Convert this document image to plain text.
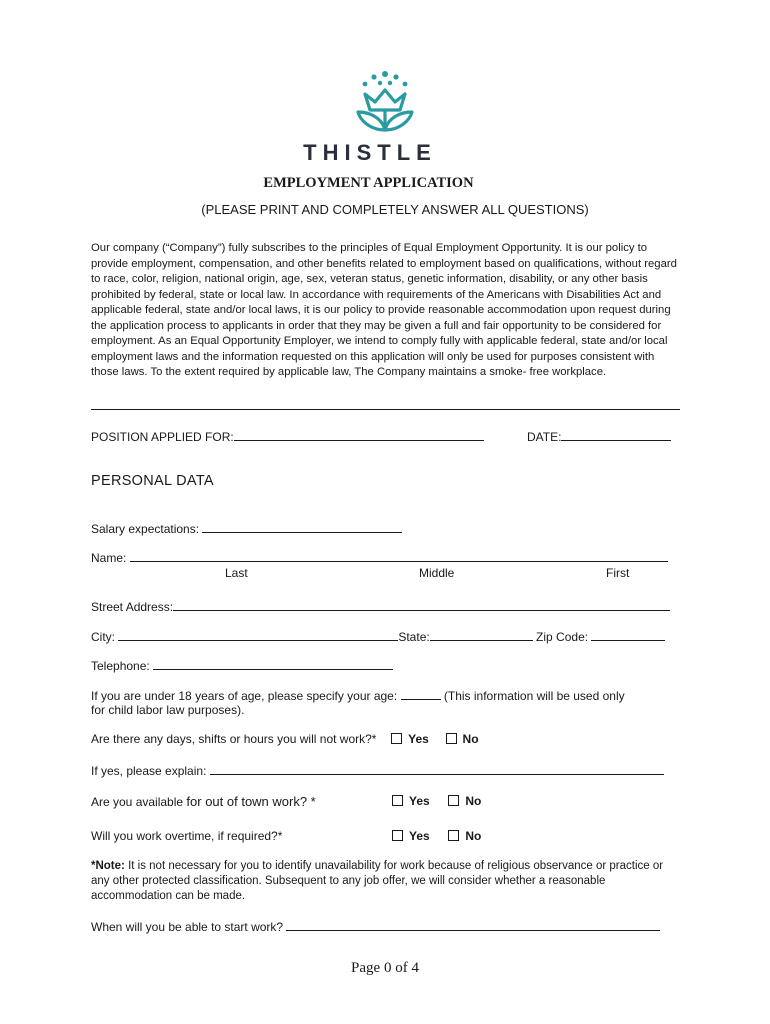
THISTLE
EMPLOYMENT APPLICATION
(PLEASE PRINT AND COMPLETELY ANSWER ALL QUESTIONS)
Our company (“Company”) fully subscribes to the principles of Equal Employment Opportunity. It is our policy to provide employment, compensation, and other benefits related to employment based on qualifications, without regard to race, color, religion, national origin, age, sex, veteran status, genetic information, disability, or any other basis prohibited by federal, state or local law. In accordance with requirements of the Americans with Disabilities Act and applicable federal, state and/or local laws, it is our policy to provide reasonable accommodation upon request during the application process to applicants in order that they may be given a full and fair opportunity to be considered for employment. As an Equal Opportunity Employer, we intend to comply fully with applicable federal, state and/or local employment laws and the information requested on this application will only be used for purposes consistent with those laws. To the extent required by applicable law, The Company maintains a smoke- free workplace.
POSITION APPLIED FOR:	DATE:
PERSONAL DATA
Salary expectations:
Name:
Last	Middle	First
Street Address:
City:	State:	Zip Code:
Telephone:
If you are under 18 years of age, please specify your age:	(This information will be used only
for child labor law purposes).
Are there any days, shifts or hours you will not work?*	Yes	No
If yes, please explain:
Are you available for out of town work? *	Yes	No
Will you work overtime, if required?*	Yes	No
*Note: It is not necessary for you to identify unavailability for work because of religious observance or practice or any other protected classification. Subsequent to any job offer, we will consider whether a reasonable accommodation can be made.
When will you be able to start work?
Page 0 of 4
